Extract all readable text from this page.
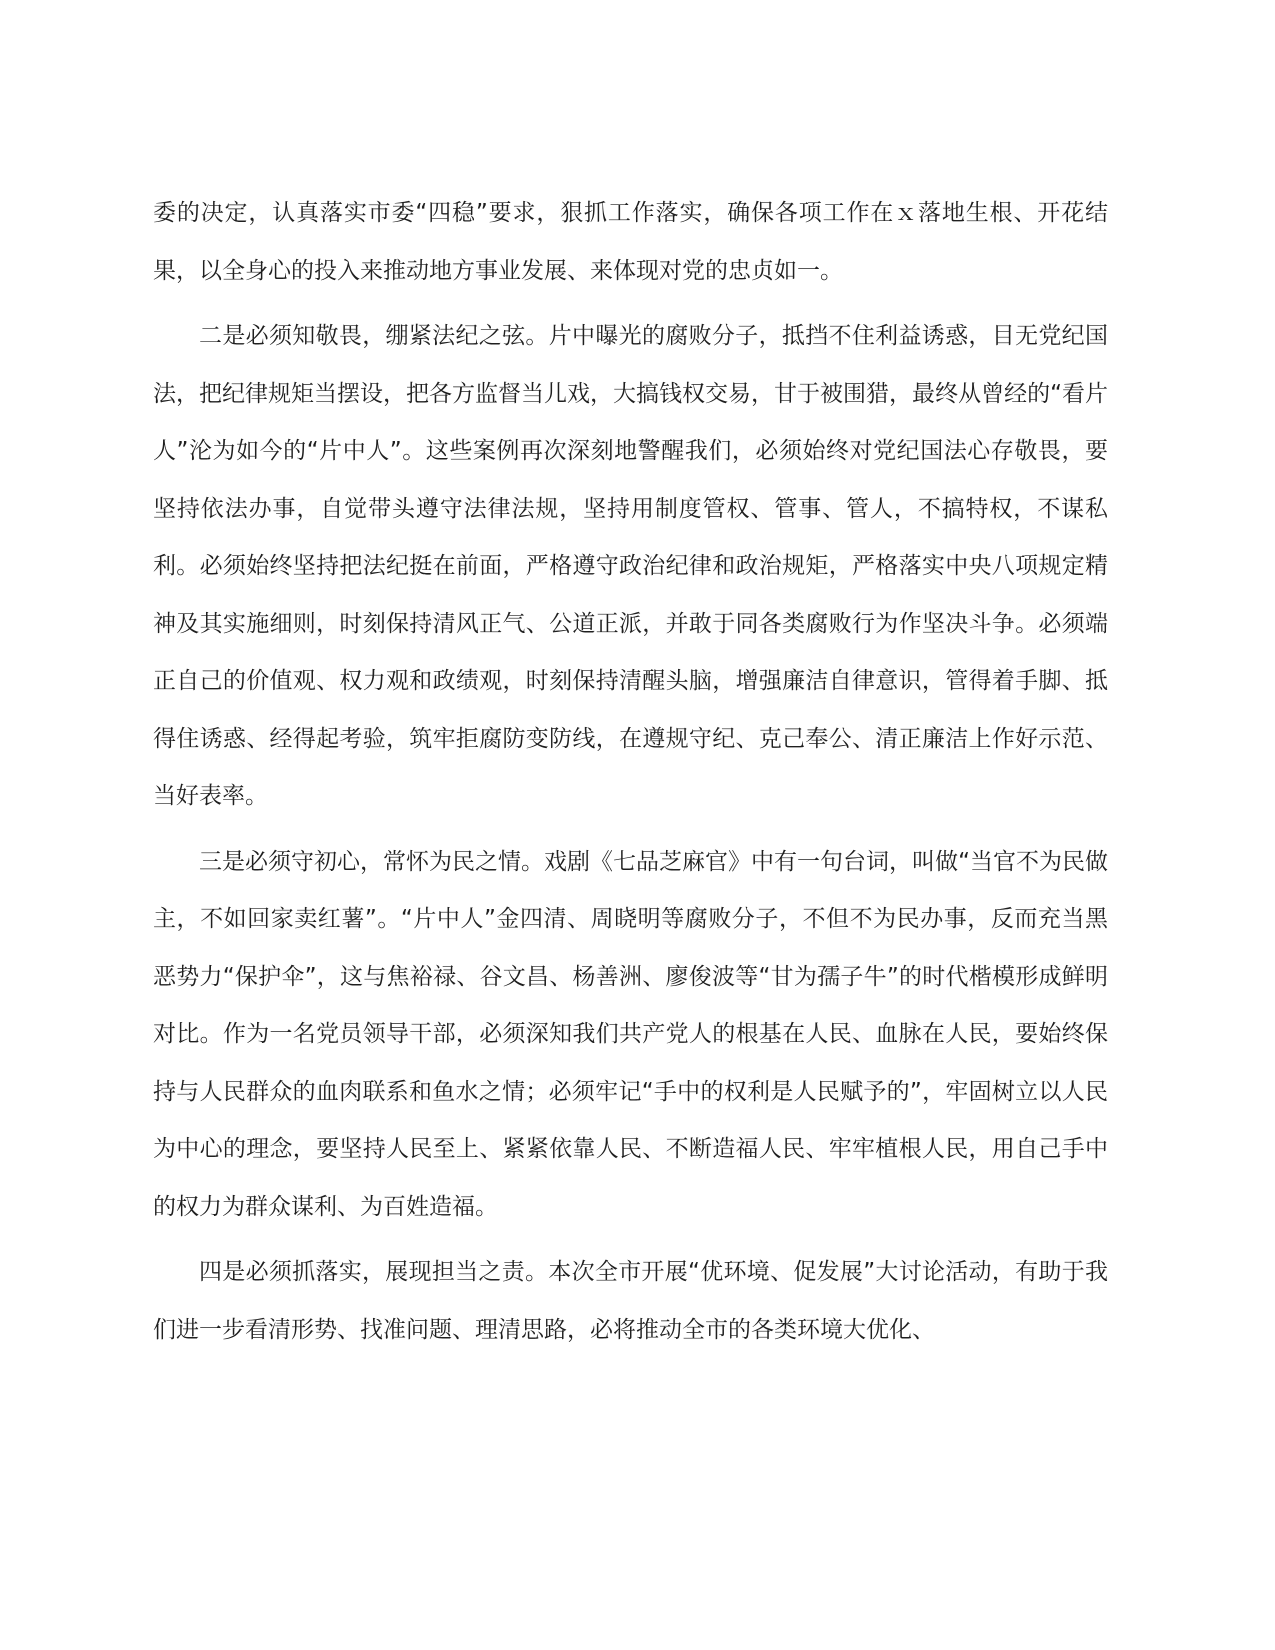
委的决定，认真落实市委“四稳”要求，狠抓工作落实，确保各项工作在ｘ落地生根、开花结果，以全身心的投入来推动地方事业发展、来体现对党的忠贞如一。

二是必须知敬畏，绷紧法纪之弦。片中曝光的腐败分子，抵挡不住利益诱惑，目无党纪国法，把纪律规矩当摆设，把各方监督当儿戏，大搞钱权交易，甘于被围猎，最终从曾经的“看片人”沦为如今的“片中人”。这些案例再次深刻地警醒我们，必须始终对党纪国法心存敬畏，要坚持依法办事，自觉带头遵守法律法规，坚持用制度管权、管事、管人，不搞特权，不谋私利。必须始终坚持把法纪挺在前面，严格遵守政治纪律和政治规矩，严格落实中央八项规定精神及其实施细则，时刻保持清风正气、公道正派，并敢于同各类腐败行为作坚决斗争。必须端正自己的价值观、权力观和政绩观，时刻保持清醒头脑，增强廉洁自律意识，管得着手脚、抵得住诱惑、经得起考验，筑牢拒腐防变防线，在遵规守纪、克己奉公、清正廉洁上作好示范、当好表率。

三是必须守初心，常怀为民之情。戏剧《七品芝麻官》中有一句台词，叫做“当官不为民做主，不如回家卖红薯”。“片中人”金四清、周晓明等腐败分子，不但不为民办事，反而充当黑恶势力“保护伞”，这与焦裕禄、谷文昌、杨善洲、廖俊波等“甘为孺子牛”的时代楷模形成鲜明对比。作为一名党员领导干部，必须深知我们共产党人的根基在人民、血脉在人民，要始终保持与人民群众的血肉联系和鱼水之情；必须牢记“手中的权利是人民赋予的”，牢固树立以人民为中心的理念，要坚持人民至上、紧紧依靠人民、不断造福人民、牢牢植根人民，用自己手中的权力为群众谋利、为百姓造福。

四是必须抓落实，展现担当之责。本次全市开展“优环境、促发展”大讨论活动，有助于我们进一步看清形势、找准问题、理清思路，必将推动全市的各类环境大优化、
